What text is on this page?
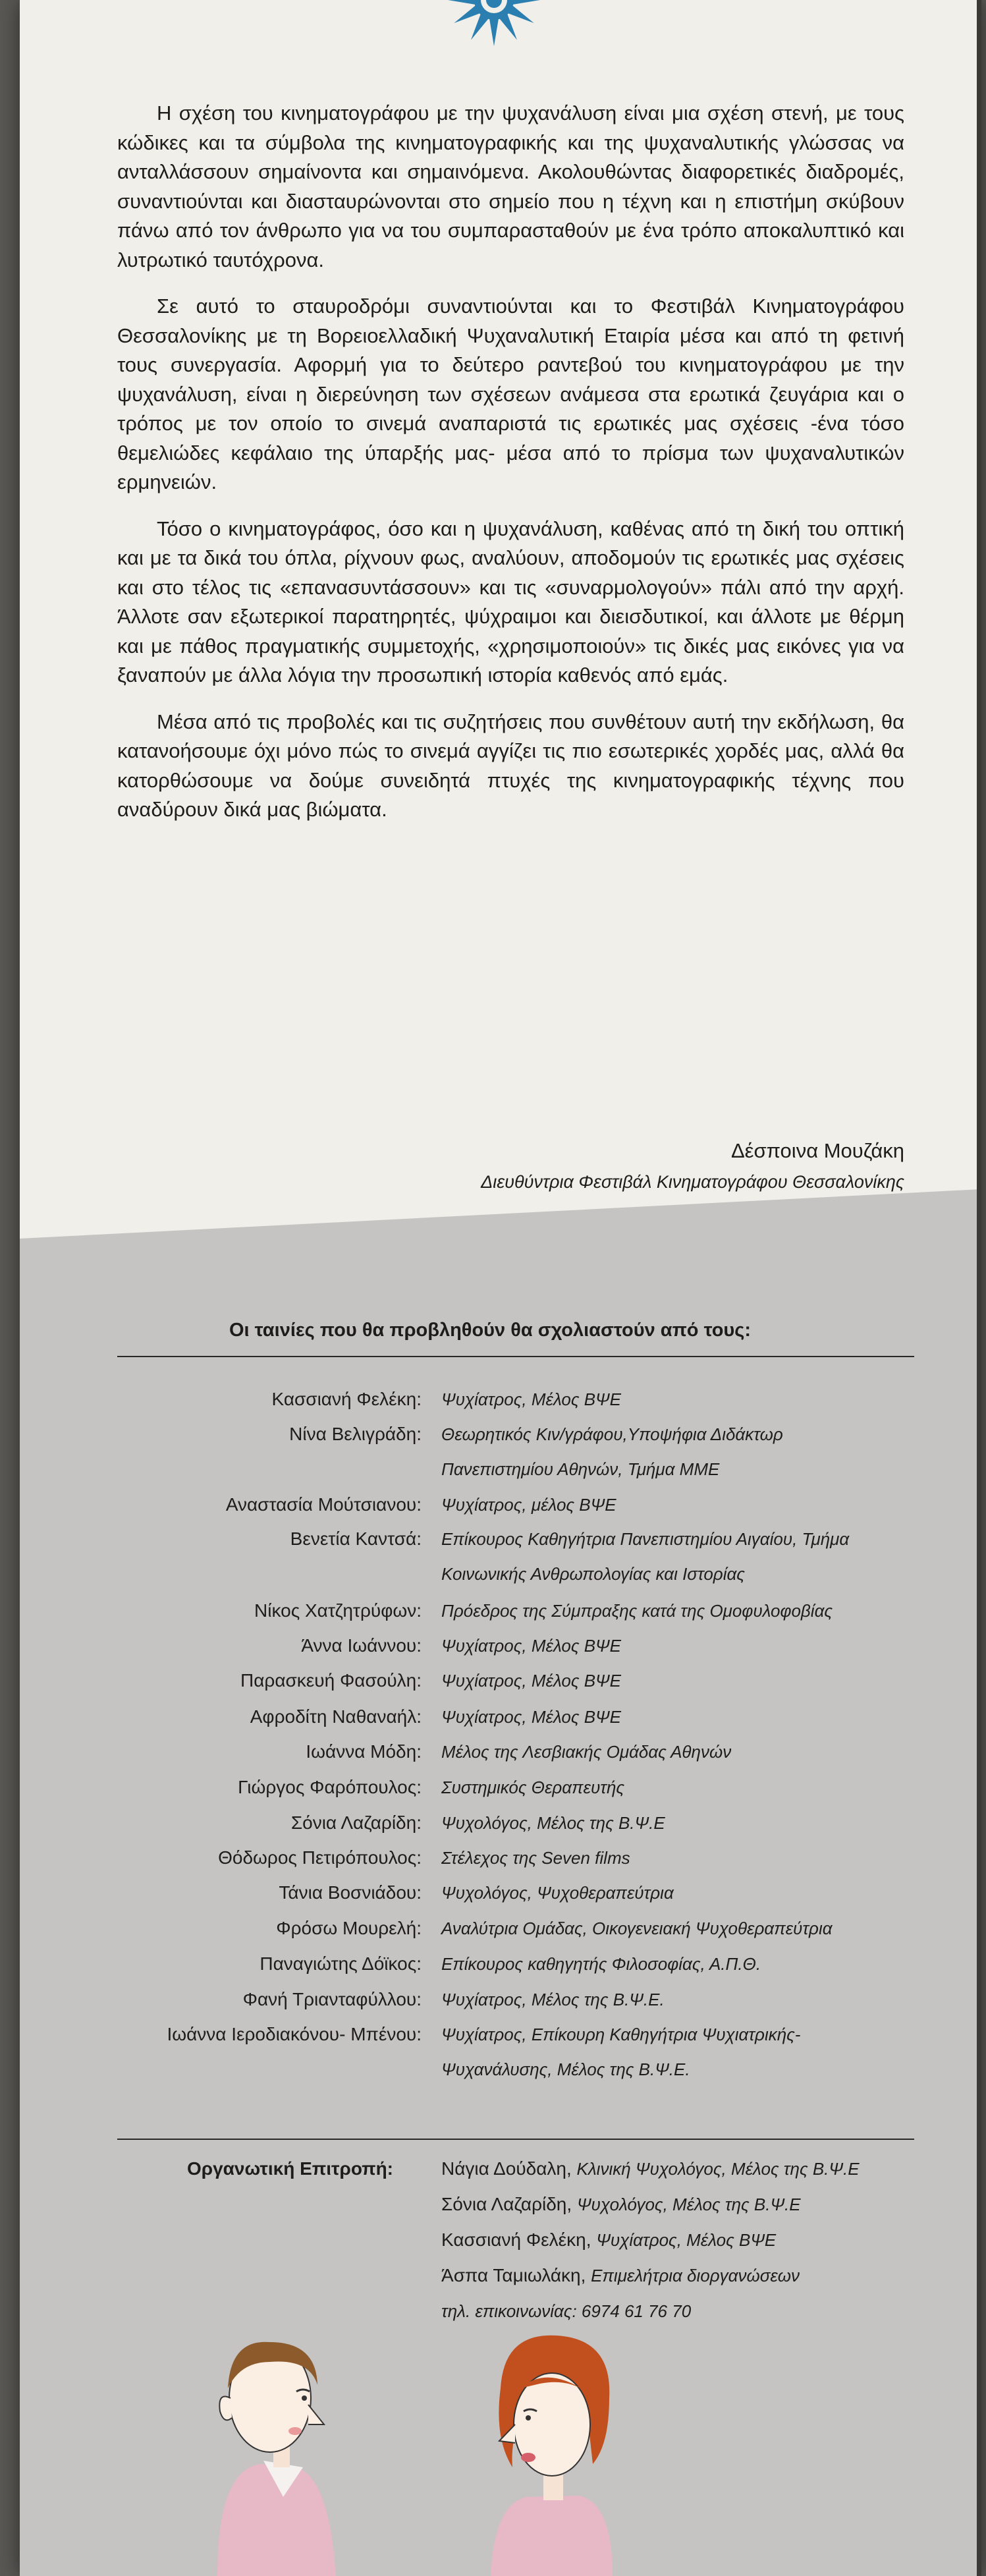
Η σχέση του κινηματογράφου με την ψυχανάλυση είναι μια σχέση στενή, με τους κώδικες και τα σύμβολα της κινηματογραφικής και της ψυχαναλυτικής γλώσσας να ανταλλάσσουν σημαίνοντα και σημαινόμενα. Ακολουθώντας διαφορετικές διαδρομές, συναντιούνται και διασταυρώνονται στο σημείο που η τέχνη και η επιστήμη σκύβουν πάνω από τον άνθρωπο για να του συμπαρασταθούν με ένα τρόπο αποκαλυπτικό και λυτρωτικό ταυτόχρονα.

Σε αυτό το σταυροδρόμι συναντιούνται και το Φεστιβάλ Κινηματογράφου Θεσσαλονίκης με τη Βορειοελλαδική Ψυχαναλυτική Εταιρία μέσα και από τη φετινή τους συνεργασία. Αφορμή για το δεύτερο ραντεβού του κινηματογράφου με την ψυχανάλυση, είναι η διερεύνηση των σχέσεων ανάμεσα στα ερωτικά ζευγάρια και ο τρόπος με τον οποίο το σινεμά αναπαριστά τις ερωτικές μας σχέσεις -ένα τόσο θεμελιώδες κεφάλαιο της ύπαρξής μας- μέσα από το πρίσμα των ψυχαναλυτικών ερμηνειών.

Τόσο ο κινηματογράφος, όσο και η ψυχανάλυση, καθένας από τη δική του οπτική και με τα δικά του όπλα, ρίχνουν φως, αναλύουν, αποδομούν τις ερωτικές μας σχέσεις και στο τέλος τις «επανασυντάσσουν» και τις «συναρμολογούν» πάλι από την αρχή. Άλλοτε σαν εξωτερικοί παρατηρητές, ψύχραιμοι και διεισδυτικοί, και άλλοτε με θέρμη και με πάθος πραγματικής συμμετοχής, «χρησιμοποιούν» τις δικές μας εικόνες για να ξαναπούν με άλλα λόγια την προσωπική ιστορία καθενός από εμάς.

Μέσα από τις προβολές και τις συζητήσεις που συνθέτουν αυτή την εκδήλωση, θα κατανοήσουμε όχι μόνο πώς το σινεμά αγγίζει τις πιο εσωτερικές χορδές μας, αλλά θα κατορθώσουμε να δούμε συνειδητά πτυχές της κινηματογραφικής τέχνης που αναδύρουν δικά μας βιώματα.

Δέσποινα Μουζάκη
Διευθύντρια Φεστιβάλ Κινηματογράφου Θεσσαλονίκης
Οι ταινίες που θα προβληθούν θα σχολιαστούν από τους:
Κασσιανή Φελέκη: Ψυχίατρος, Μέλος ΒΨΕ
Νίνα Βελιγράδη: Θεωρητικός Κιν/γράφου,Υποψήφια Διδάκτωρ
Πανεπιστημίου Αθηνών, Τμήμα ΜΜΕ
Αναστασία Μούτσιανου: Ψυχίατρος, μέλος ΒΨΕ
Βενετία Καντσά: Επίκουρος Καθηγήτρια Πανεπιστημίου Αιγαίου, Τμήμα
Κοινωνικής Ανθρωπολογίας και Ιστορίας
Νίκος Χατζητρύφων: Πρόεδρος της Σύμπραξης κατά της Ομοφυλοφοβίας
Άννα Ιωάννου: Ψυχίατρος, Μέλος ΒΨΕ
Παρασκευή Φασούλη: Ψυχίατρος, Μέλος ΒΨΕ
Αφροδίτη Ναθαναήλ: Ψυχίατρος, Μέλος ΒΨΕ
Ιωάννα Μόδη: Μέλος της Λεσβιακής Ομάδας Αθηνών
Γιώργος Φαρόπουλος: Συστημικός Θεραπευτής
Σόνια Λαζαρίδη: Ψυχολόγος, Μέλος της Β.Ψ.Ε
Θόδωρος Πετιρόπουλος: Στέλεχος της Seven films
Τάνια Βοσνιάδου: Ψυχολόγος, Ψυχοθεραπεύτρια
Φρόσω Μουρελή: Αναλύτρια Ομάδας, Οικογενειακή Ψυχοθεραπεύτρια
Παναγιώτης Δόϊκος: Επίκουρος καθηγητής Φιλοσοφίας, Α.Π.Θ.
Φανή Τριανταφύλλου: Ψυχίατρος, Μέλος της Β.Ψ.Ε.
Ιωάννα Ιεροδιακόνου- Μπένου: Ψυχίατρος, Επίκουρη Καθηγήτρια Ψυχιατρικής-
Ψυχανάλυσης, Μέλος της Β.Ψ.Ε.
Οργανωτική Επιτροπή:	Νάγια Δούδαλη, Κλινική Ψυχολόγος, Μέλος της Β.Ψ.Ε
Σόνια Λαζαρίδη, Ψυχολόγος, Μέλος της Β.Ψ.Ε
Κασσιανή Φελέκη, Ψυχίατρος, Μέλος ΒΨΕ
Άσπα Ταμιωλάκη, Επιμελήτρια διοργανώσεων
τηλ. επικοινωνίας: 6974 61 76 70
